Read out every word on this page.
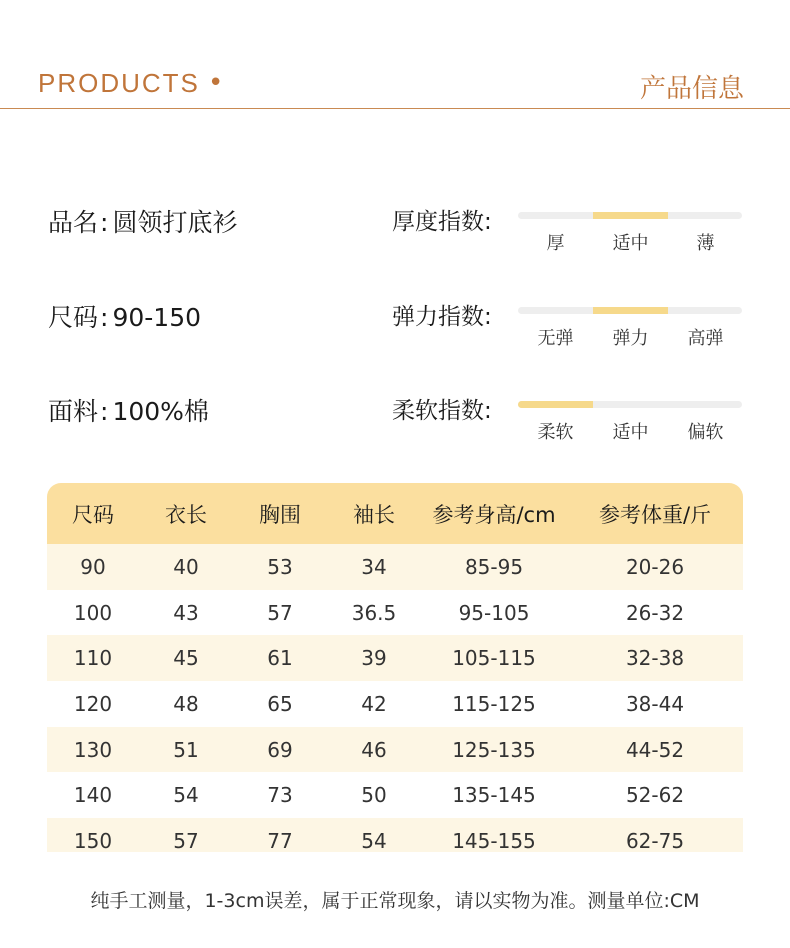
PRODUCTS •	产品信息
品名: 圆领打底衫
尺码: 90-150
面料: 100%棉
厚度指数:
厚	适中	薄
弹力指数:
无弹	弹力	高弹
柔软指数:
柔软	适中	偏软
尺码	衣长	胸围	袖长	参考身高/cm	参考体重/斤
90	40	53	34	85-95	20-26
100	43	57	36.5	95-105	26-32
110	45	61	39	105-115	32-38
120	48	65	42	115-125	38-44
130	51	69	46	125-135	44-52
140	54	73	50	135-145	52-62
150	57	77	54	145-155	62-75
纯手工测量，1-3cm误差，属于正常现象，请以实物为准。测量单位:CM
